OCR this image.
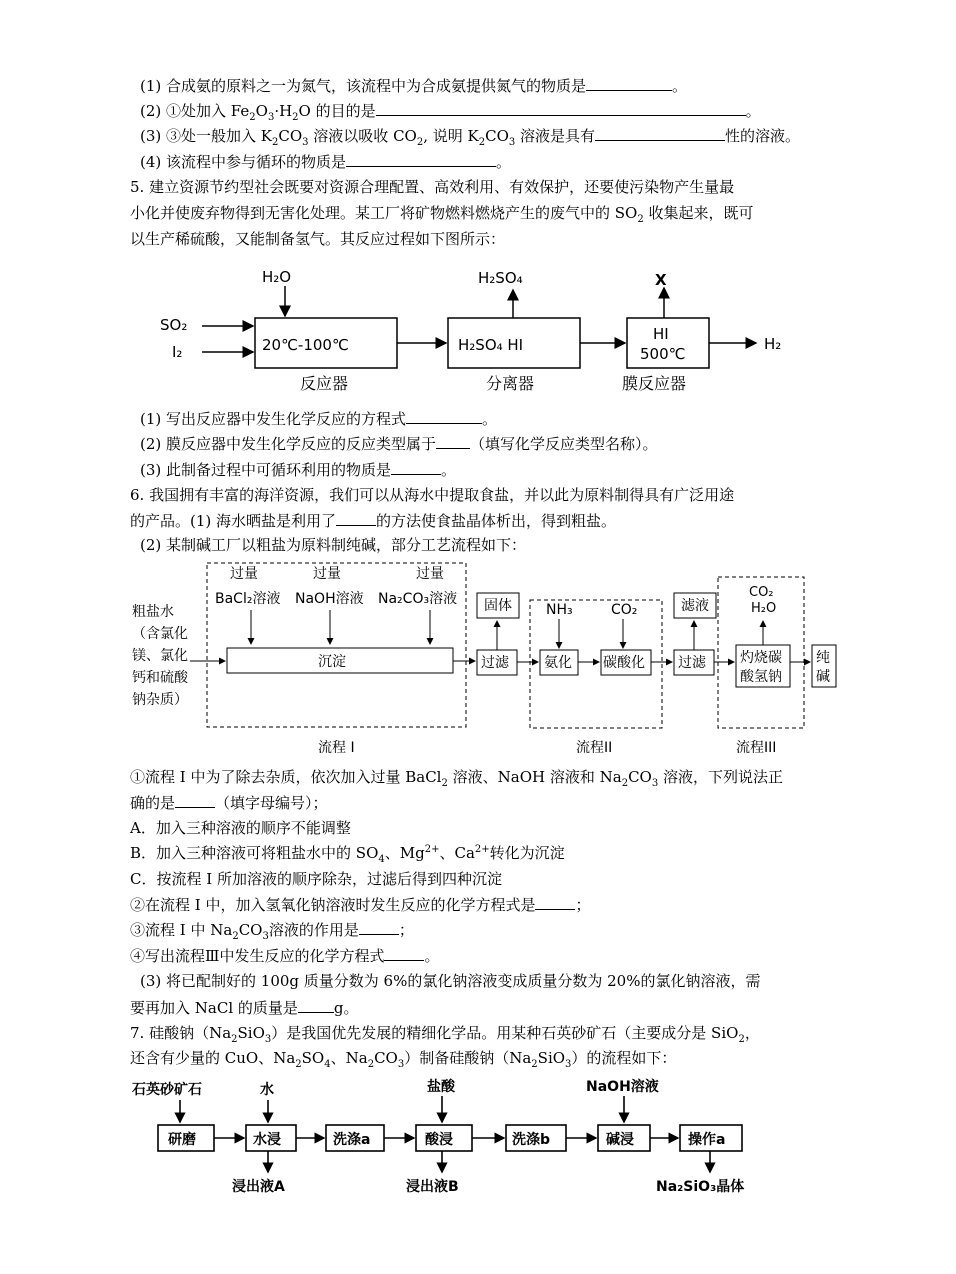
(1) 合成氨的原料之一为氮气，该流程中为合成氨提供氮气的物质是	。
(2) ①处加入 $Fe_2O_3\cdot H_2O$ 的目的是	。
(3) ③处一般加入 $K_2CO_3$ 溶液以吸收 $CO_2$, 说明 $K_2CO_3$ 溶液是具有	性的溶液。
(4) 该流程中参与循环的物质是	。
5. 建立资源节约型社会既要对资源合理配置、高效利用、有效保护，还要使污染物产生量最
小化并使废弃物得到无害化处理。某工厂将矿物燃料燃烧产生的废气中的 $SO_2$ 收集起来，既可
以生产稀硫酸，又能制备氢气。其反应过程如下图所示：
SO₂
I₂
H₂O
20℃-100℃
反应器
H₂SO₄
H₂SO₄ HI
分离器
X
HI
500℃
膜反应器
H₂
(1) 写出反应器中发生化学反应的方程式	。
(2) 膜反应器中发生化学反应的反应类型属于 （填写化学反应类型名称）。
(3) 此制备过程中可循环利用的物质是	。
6. 我国拥有丰富的海洋资源，我们可以从海水中提取食盐，并以此为原料制得具有广泛用途
的产品。(1) 海水晒盐是利用了	的方法使食盐晶体析出，得到粗盐。
(2) 某制碱工厂以粗盐为原料制纯碱，部分工艺流程如下：
过量	过量	过量
BaCl₂溶液 NaOH溶液 Na₂CO₃溶液
粗盐水
（含氯化
镁、氯化
钙和硫酸
钠杂质）
沉淀
固体
过滤
NH₃	CO₂
氨化 碳酸化
滤液
过滤
CO₂
H₂O
灼烧碳
酸氢钠
纯
碱
流程 I	流程II	流程III
①流程 I 中为了除去杂质，依次加入过量 BaCl$_2$ 溶液、NaOH 溶液和 $Na_2CO_3$ 溶液，下列说法正
确的是	（填字母编号）；
A．加入三种溶液的顺序不能调整
B．加入三种溶液可将粗盐水中的 $SO_4$、$Mg^{2+}$、$Ca^{2+}$转化为沉淀
C．按流程 I 所加溶液的顺序除杂，过滤后得到四种沉淀
②在流程 I 中，加入氢氧化钠溶液时发生反应的化学方程式是	；
③流程 I 中 $Na_2CO_3$溶液的作用是	；
④写出流程Ⅲ中发生反应的化学方程式	。
(3) 将已配制好的 100g 质量分数为 6%的氯化钠溶液变成质量分数为 20%的氯化钠溶液，需
要再加入 NaCl 的质量是 g。
7. 硅酸钠$(Na_2SiO_3)$是我国优先发展的精细化学品。用某种石英砂矿石（主要成分是 SiO$_2$，
还含有少量的 CuO、$Na_2SO_4$、$Na_2CO_3$）制备硅酸钠$(Na_2SiO_3)$的流程如下：
石英砂矿石	水	盐酸	NaOH溶液
研磨	水浸	洗涤a	酸浸	洗涤b	碱浸	操作a
浸出液A	浸出液B	Na₂SiO₃晶体
